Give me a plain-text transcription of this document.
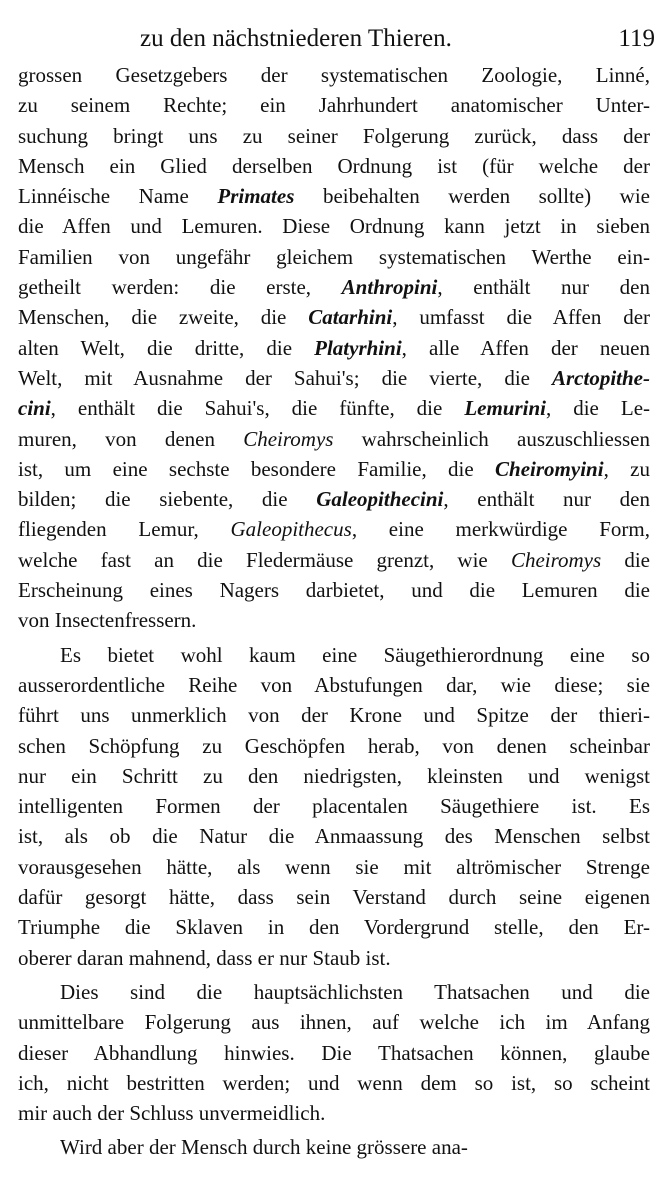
zu den nächstniederen Thieren.	119
grossen Gesetzgebers der systematischen Zoologie, Linné,
zu seinem Rechte; ein Jahrhundert anatomischer Unter-
suchung bringt uns zu seiner Folgerung zurück, dass der
Mensch ein Glied derselben Ordnung ist (für welche der
Linnéische Name Primates beibehalten werden sollte) wie
die Affen und Lemuren. Diese Ordnung kann jetzt in sieben
Familien von ungefähr gleichem systematischen Werthe ein-
getheilt werden: die erste, Anthropini, enthält nur den
Menschen, die zweite, die Catarhini, umfasst die Affen der
alten Welt, die dritte, die Platyrhini, alle Affen der neuen
Welt, mit Ausnahme der Sahui's; die vierte, die Arctopithe-
cini, enthält die Sahui's, die fünfte, die Lemurini, die Le-
muren, von denen Cheiromys wahrscheinlich auszuschliessen
ist, um eine sechste besondere Familie, die Cheiromyini, zu
bilden; die siebente, die Galeopithecini, enthält nur den
fliegenden Lemur, Galeopithecus, eine merkwürdige Form,
welche fast an die Fledermäuse grenzt, wie Cheiromys die
Erscheinung eines Nagers darbietet, und die Lemuren die
von Insectenfressern.
Es bietet wohl kaum eine Säugethierordnung eine so
ausserordentliche Reihe von Abstufungen dar, wie diese; sie
führt uns unmerklich von der Krone und Spitze der thieri-
schen Schöpfung zu Geschöpfen herab, von denen scheinbar
nur ein Schritt zu den niedrigsten, kleinsten und wenigst
intelligenten Formen der placentalen Säugethiere ist. Es
ist, als ob die Natur die Anmaassung des Menschen selbst
vorausgesehen hätte, als wenn sie mit altrömischer Strenge
dafür gesorgt hätte, dass sein Verstand durch seine eigenen
Triumphe die Sklaven in den Vordergrund stelle, den Er-
oberer daran mahnend, dass er nur Staub ist.
Dies sind die hauptsächlichsten Thatsachen und die
unmittelbare Folgerung aus ihnen, auf welche ich im Anfang
dieser Abhandlung hinwies. Die Thatsachen können, glaube
ich, nicht bestritten werden; und wenn dem so ist, so scheint
mir auch der Schluss unvermeidlich.
Wird aber der Mensch durch keine grössere ana-
